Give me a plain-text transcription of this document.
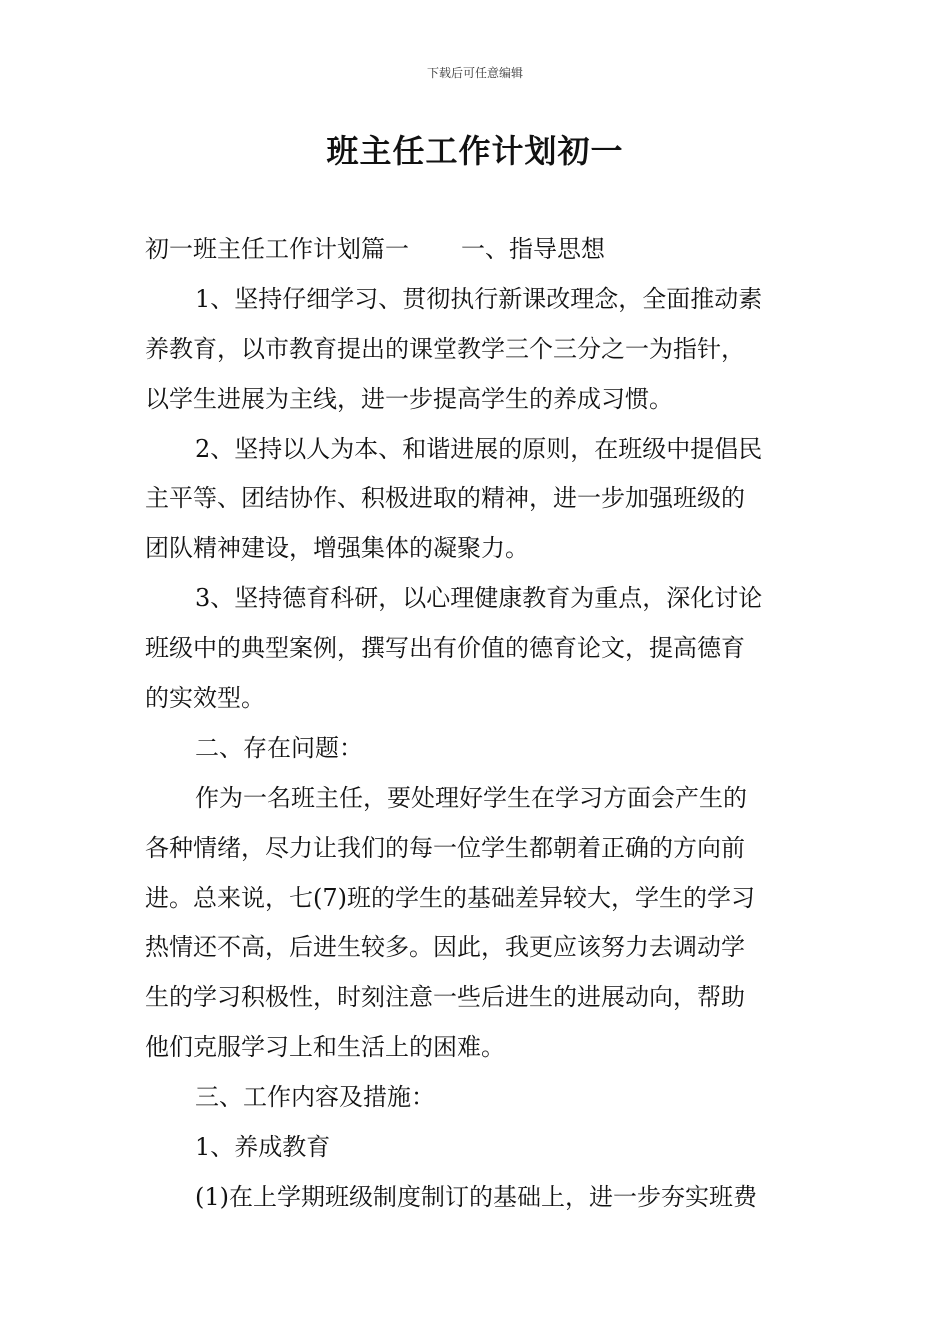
下载后可任意编辑
班主任工作计划初一
初一班主任工作计划篇一 一、指导思想
1、坚持仔细学习、贯彻执行新课改理念，全面推动素
养教育，以市教育提出的课堂教学三个三分之一为指针，
以学生进展为主线，进一步提高学生的养成习惯。
2、坚持以人为本、和谐进展的原则，在班级中提倡民
主平等、团结协作、积极进取的精神，进一步加强班级的
团队精神建设，增强集体的凝聚力。
3、坚持德育科研，以心理健康教育为重点，深化讨论
班级中的典型案例，撰写出有价值的德育论文，提高德育
的实效型。
二、存在问题：
作为一名班主任，要处理好学生在学习方面会产生的
各种情绪，尽力让我们的每一位学生都朝着正确的方向前
进。总来说，七(7)班的学生的基础差异较大，学生的学习
热情还不高，后进生较多。因此，我更应该努力去调动学
生的学习积极性，时刻注意一些后进生的进展动向，帮助
他们克服学习上和生活上的困难。
三、工作内容及措施：
1、养成教育
(1)在上学期班级制度制订的基础上，进一步夯实班费
